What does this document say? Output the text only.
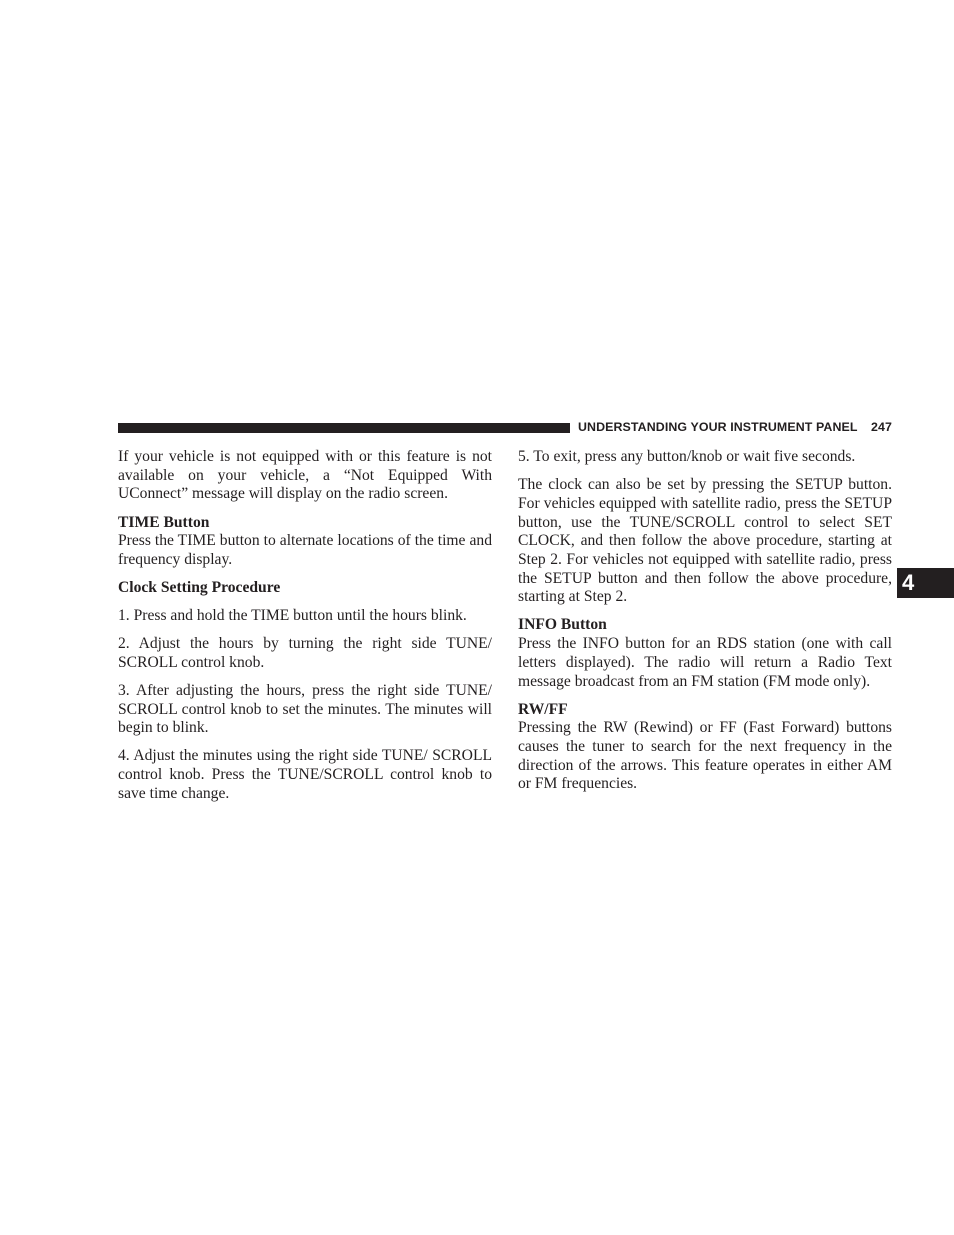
UNDERSTANDING YOUR INSTRUMENT PANEL	247

If your vehicle is not equipped with or this feature is not available on your vehicle, a “Not Equipped With UConnect” message will display on the radio screen.

TIME Button

Press the TIME button to alternate locations of the time and frequency display.

Clock Setting Procedure

1. Press and hold the TIME button until the hours blink.

2. Adjust the hours by turning the right side TUNE/ SCROLL control knob.

3. After adjusting the hours, press the right side TUNE/ SCROLL control knob to set the minutes. The minutes will begin to blink.

4. Adjust the minutes using the right side TUNE/ SCROLL control knob. Press the TUNE/SCROLL control knob to save time change.

5. To exit, press any button/knob or wait five seconds.

The clock can also be set by pressing the SETUP button. For vehicles equipped with satellite radio, press the SETUP button, use the TUNE/SCROLL control to select SET CLOCK, and then follow the above procedure, starting at Step 2. For vehicles not equipped with satellite radio, press the SETUP button and then follow the above procedure, starting at Step 2.

INFO Button

Press the INFO button for an RDS station (one with call letters displayed). The radio will return a Radio Text message broadcast from an FM station (FM mode only).

RW/FF

Pressing the RW (Rewind) or FF (Fast Forward) buttons causes the tuner to search for the next frequency in the direction of the arrows. This feature operates in either AM or FM frequencies.

4
